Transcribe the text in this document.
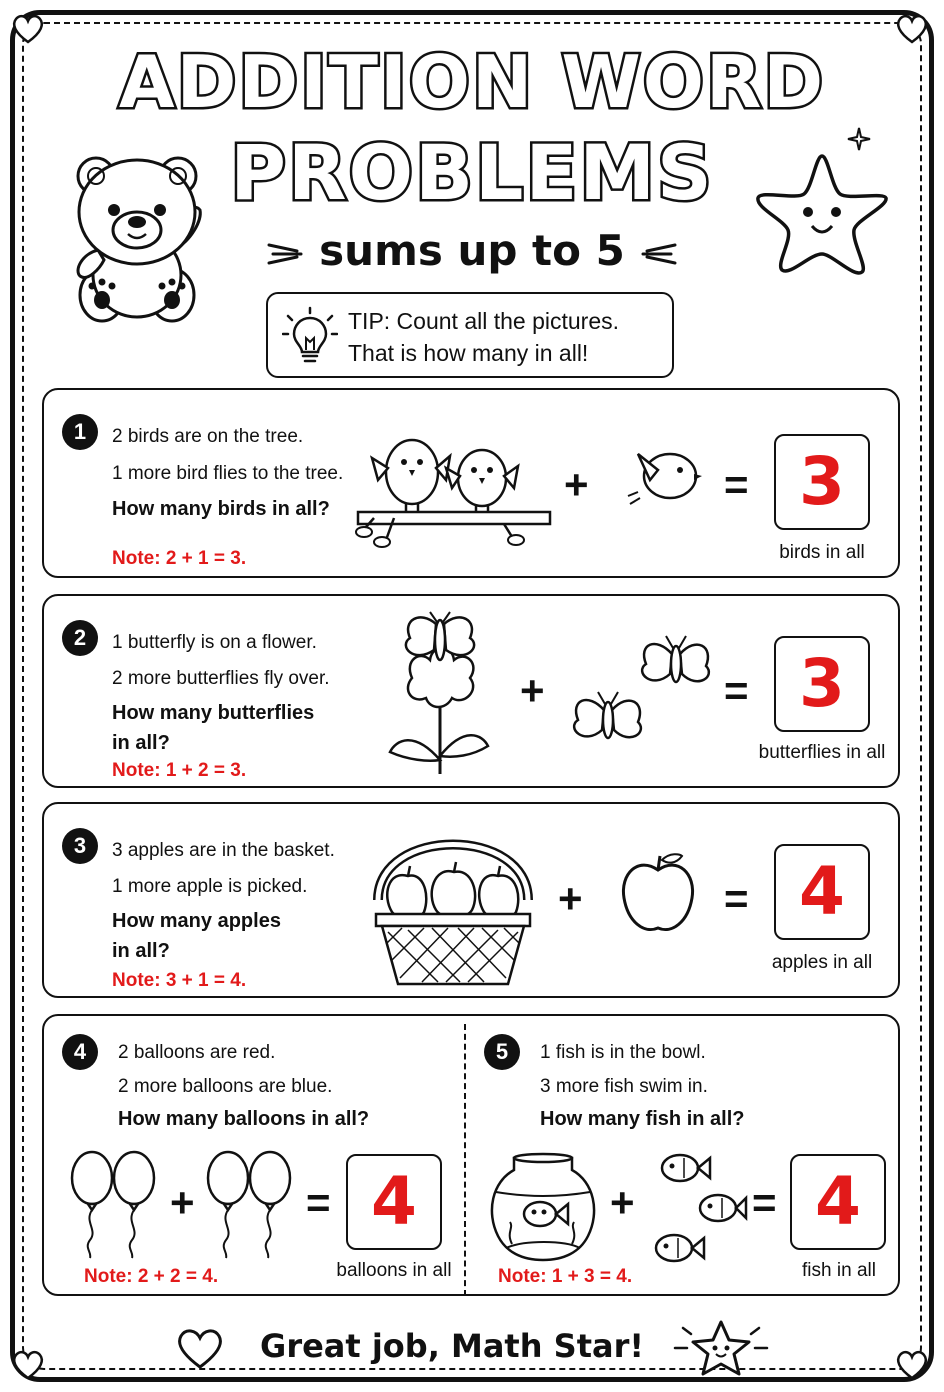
ADDITION WORD
PROBLEMS
sums up to 5
TIP: Count all the pictures.
That is how many in all!
1	2 birds are on the tree.
1 more bird flies to the tree.
How many birds in all?
Note: 2 + 1 = 3.
+	= 3
birds in all
2	1 butterfly is on a flower.
2 more butterflies fly over.
How many butterflies
in all?
Note: 1 + 2 = 3.
+	= 3
butterflies in all
3	3 apples are in the basket.
1 more apple is picked.
How many apples
in all?
Note: 3 + 1 = 4.
+	= 4
apples in all
4	2 balloons are red.
2 more balloons are blue.
How many balloons in all?
+	= 4
Note: 2 + 2 = 4.	balloons in all
5	1 fish is in the bowl.
3 more fish swim in.
How many fish in all?
+	= 4
Note: 1 + 3 = 4.	fish in all
Great job, Math Star!
